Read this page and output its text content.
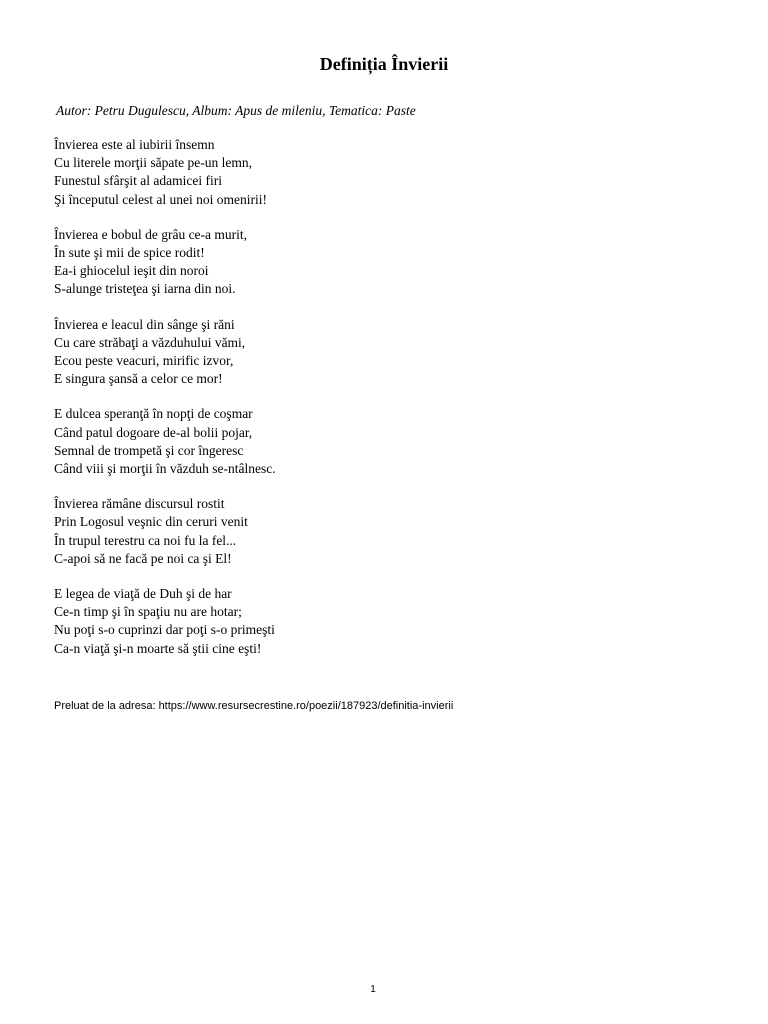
Definiția Învierii

Autor: Petru Dugulescu, Album: Apus de mileniu, Tematica: Paste

Învierea este al iubirii însemn
Cu literele morţii săpate pe-un lemn,
Funestul sfârşit al adamicei firi
Şi începutul celest al unei noi omenirii!
Învierea e bobul de grâu ce-a murit,
În sute şi mii de spice rodit!
Ea-i ghiocelul ieşit din noroi
S-alunge tristeţea şi iarna din noi.
Învierea e leacul din sânge şi răni
Cu care străbaţi a văzduhului vămi,
Ecou peste veacuri, mirific izvor,
E singura şansă a celor ce mor!
E dulcea speranţă în nopţi de coşmar
Când patul dogoare de-al bolii pojar,
Semnal de trompetă şi cor îngeresc
Când viii şi morţii în văzduh se-ntâlnesc.
Învierea rămâne discursul rostit
Prin Logosul veşnic din ceruri venit
În trupul terestru ca noi fu la fel...
C-apoi să ne facă pe noi ca şi El!
E legea de viaţă de Duh şi de har
Ce-n timp şi în spaţiu nu are hotar;
Nu poţi s-o cuprinzi dar poţi s-o primeşti
Ca-n viaţă şi-n moarte să ştii cine eşti!

Preluat de la adresa: https://www.resursecrestine.ro/poezii/187923/definitia-invierii

1
